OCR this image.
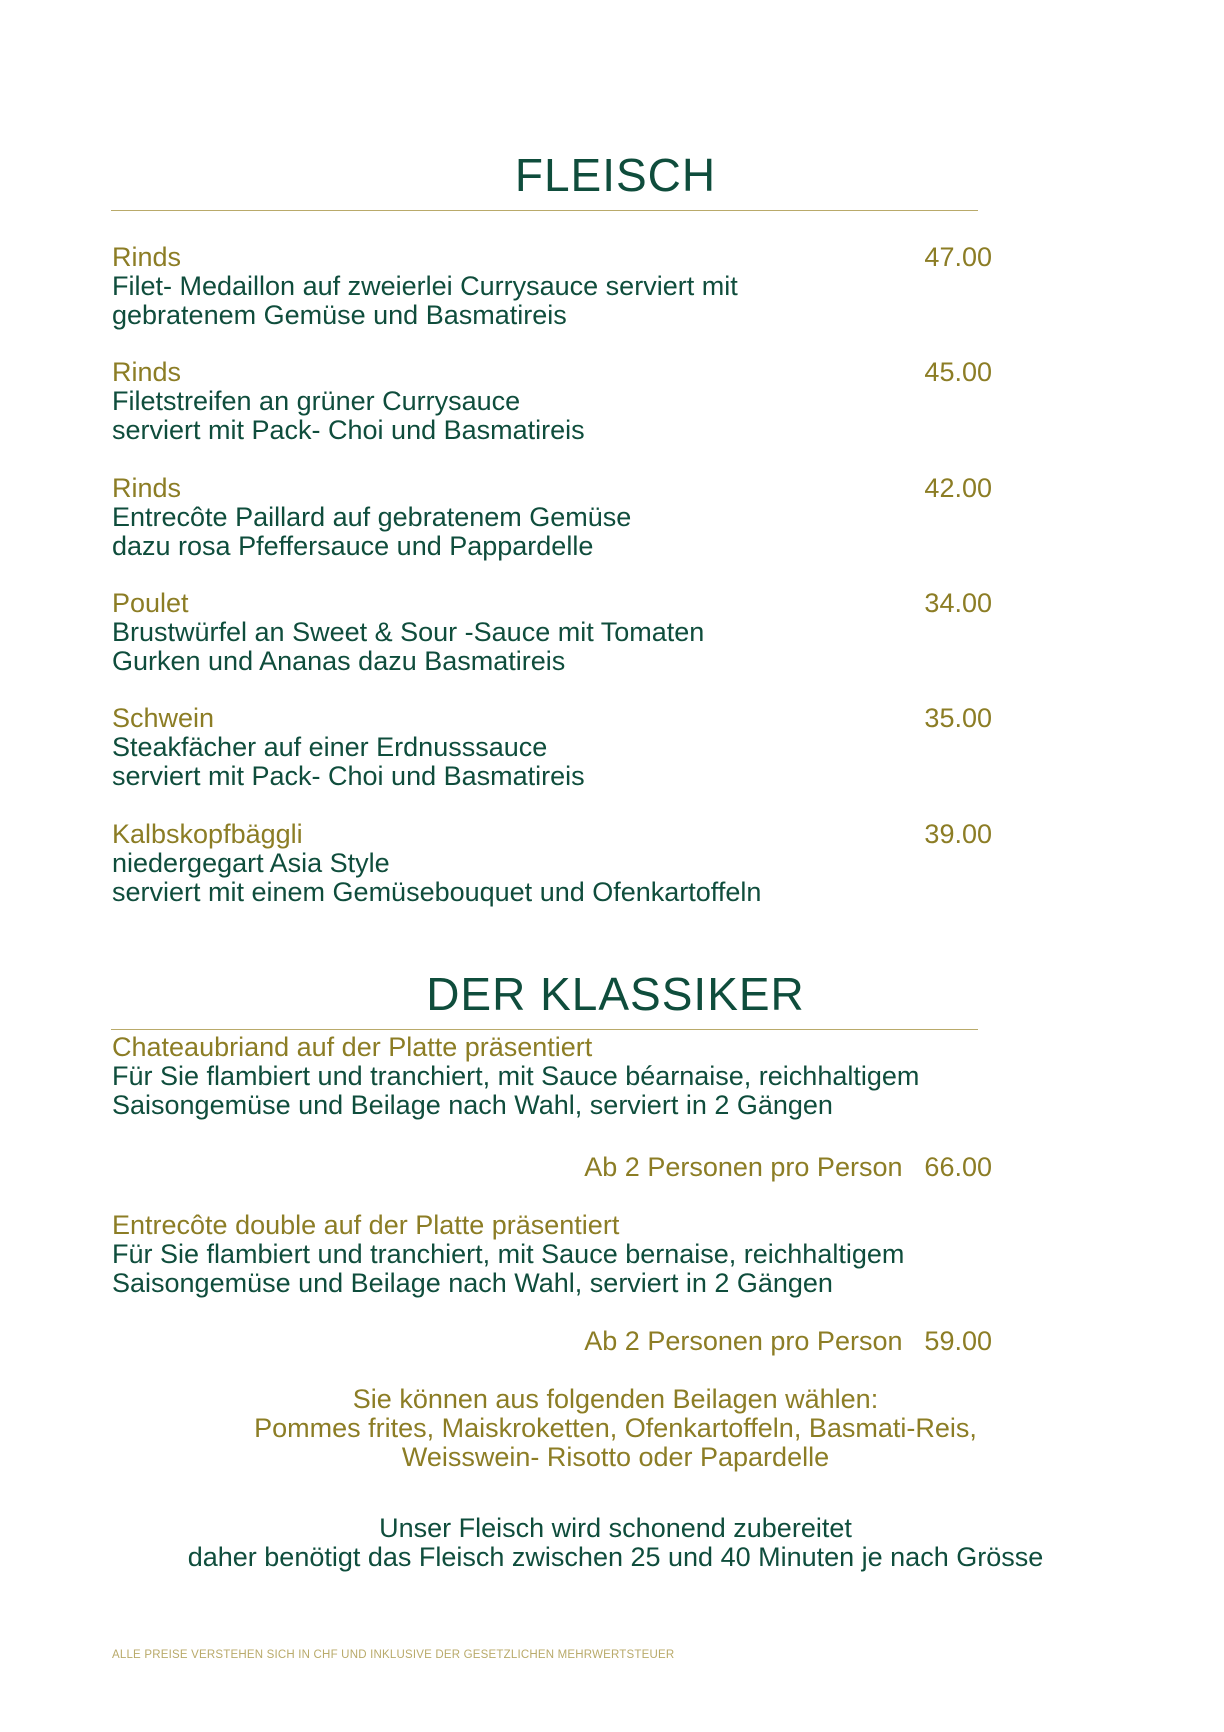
FLEISCH
Rinds
Filet- Medaillon auf zweierlei Currysauce serviert mit
gebratenem Gemüse und Basmatireis
47.00
Rinds
Filetstreifen an grüner Currysauce
serviert mit Pack- Choi und Basmatireis
45.00
Rinds
Entrecôte Paillard auf gebratenem Gemüse
dazu rosa Pfeffersauce und Pappardelle
42.00
Poulet
Brustwürfel an Sweet & Sour -Sauce mit Tomaten
Gurken und Ananas dazu Basmatireis
34.00
Schwein
Steakfächer auf einer Erdnusssauce
serviert mit Pack- Choi und Basmatireis
35.00
Kalbskopfbäggli
niedergegart Asia Style
serviert mit einem Gemüsebouquet und Ofenkartoffeln
39.00
DER KLASSIKER
Chateaubriand auf der Platte präsentiert
Für Sie flambiert und tranchiert, mit Sauce béarnaise, reichhaltigem
Saisongemüse und Beilage nach Wahl, serviert in 2 Gängen
Ab 2 Personen pro Person 66.00
Entrecôte double auf der Platte präsentiert
Für Sie flambiert und tranchiert, mit Sauce bernaise, reichhaltigem
Saisongemüse und Beilage nach Wahl, serviert in 2 Gängen
Ab 2 Personen pro Person 59.00
Sie können aus folgenden Beilagen wählen:
Pommes frites, Maiskroketten, Ofenkartoffeln, Basmati-Reis,
Weisswein- Risotto oder Papardelle
Unser Fleisch wird schonend zubereitet
daher benötigt das Fleisch zwischen 25 und 40 Minuten je nach Grösse
ALLE PREISE VERSTEHEN SICH IN CHF UND INKLUSIVE DER GESETZLICHEN MEHRWERTSTEUER
